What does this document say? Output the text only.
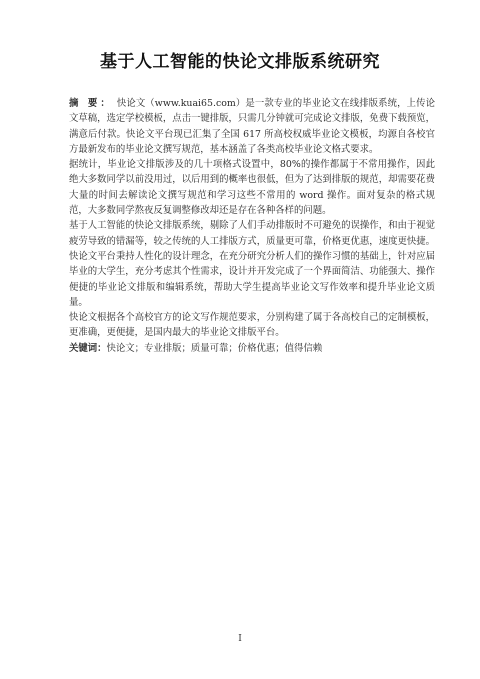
基于人工智能的快论文排版系统研究

摘 要： 快论文（www.kuai65.com）是一款专业的毕业论文在线排版系统，上传论文草稿，选定学校模板，点击一键排版，只需几分钟就可完成论文排版，免费下载预览，满意后付款。快论文平台现已汇集了全国 617 所高校权威毕业论文模板，均源自各校官方最新发布的毕业论文撰写规范，基本涵盖了各类高校毕业论文格式要求。

据统计，毕业论文排版涉及的几十项格式设置中，80%的操作都属于不常用操作，因此绝大多数同学以前没用过，以后用到的概率也很低，但为了达到排版的规范，却需要花费大量的时间去解读论文撰写规范和学习这些不常用的 word 操作。面对复杂的格式规范，大多数同学熬夜反复调整修改却还是存在各种各样的问题。

基于人工智能的快论文排版系统，剔除了人们手动排版时不可避免的误操作，和由于视觉疲劳导致的错漏等，较之传统的人工排版方式，质量更可靠，价格更优惠，速度更快捷。快论文平台秉持人性化的设计理念，在充分研究分析人们的操作习惯的基础上，针对应届毕业的大学生，充分考虑其个性需求，设计并开发完成了一个界面简洁、功能强大、操作便捷的毕业论文排版和编辑系统，帮助大学生提高毕业论文写作效率和提升毕业论文质量。

快论文根据各个高校官方的论文写作规范要求，分别构建了属于各高校自己的定制模板，更准确，更便捷，是国内最大的毕业论文排版平台。

关键词：快论文；专业排版；质量可靠；价格优惠；值得信赖

I
